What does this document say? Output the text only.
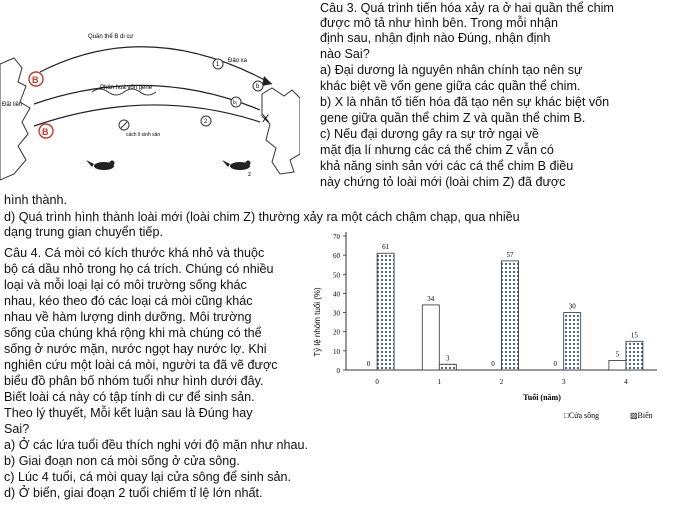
Câu 3. Quá trình tiến hóa xảy ra ở hai quần thể chim
được mô tả như hình bên. Trong mỗi nhận
định sau, nhận định nào Đúng, nhận định
nào Sai?
a) Đại dương là nguyên nhân chính tạo nên sự
khác biệt về vốn gene giữa các quần thể chim.
b) X là nhân tố tiến hóa đã tạo nên sự khác biệt vốn
gene giữa quần thể chim Z và quần thể chim B.
c) Nếu đại dương gây ra sự trở ngại về
mặt địa lí nhưng các cá thể chim Z vẫn có
khả năng sinh sản với các cá thể chim B điều
này chứng tỏ loài mới (loài chim Z) đã được
hình thành.
d) Quá trình hình thành loài mới (loài chim Z) thường xảy ra một cách chậm chạp, qua nhiều
dạng trung gian chuyển tiếp.
Quần thể B di cư
Đảo xa
Đất liền
Phân hoá vốn gene
cách li sinh sản
X
B
B
1
b
b₁
2
z
Câu 4. Cá mòi có kích thước khá nhỏ và thuộc
bộ cá dầu nhỏ trong họ cá trích. Chúng có nhiều
loại và mỗi loại lại có môi trường sống khác
nhau, kéo theo đó các loại cá mòi cũng khác
nhau về hàm lượng dinh dưỡng. Môi trường
sống của chúng khá rộng khi mà chúng có thể
sống ở nước mặn, nước ngọt hay nước lợ. Khi
nghiên cứu một loài cá mòi, người ta đã vẽ được
biểu đồ phân bố nhóm tuổi như hình dưới đây.
Biết loài cá này có tập tính di cư để sinh sản.
Theo lý thuyết, Mỗi kết luận sau là Đúng hay
Sai?
a) Ở các lứa tuổi đều thích nghi với độ mặn như nhau.
b) Giai đoạn non cá mòi sống ở cửa sông.
c) Lúc 4 tuổi, cá mòi quay lại cửa sông để sinh sản.
d) Ở biển, giai đoạn 2 tuổi chiếm tỉ lệ lớn nhất.
70
60
50
40
30
20
10
0
0	1	2	3	4
0
61
34
3
0
57
0
30
5
15
Tỷ lệ nhóm tuổi (%)
Tuổi (năm)
□Cửa sông	▨Biển
